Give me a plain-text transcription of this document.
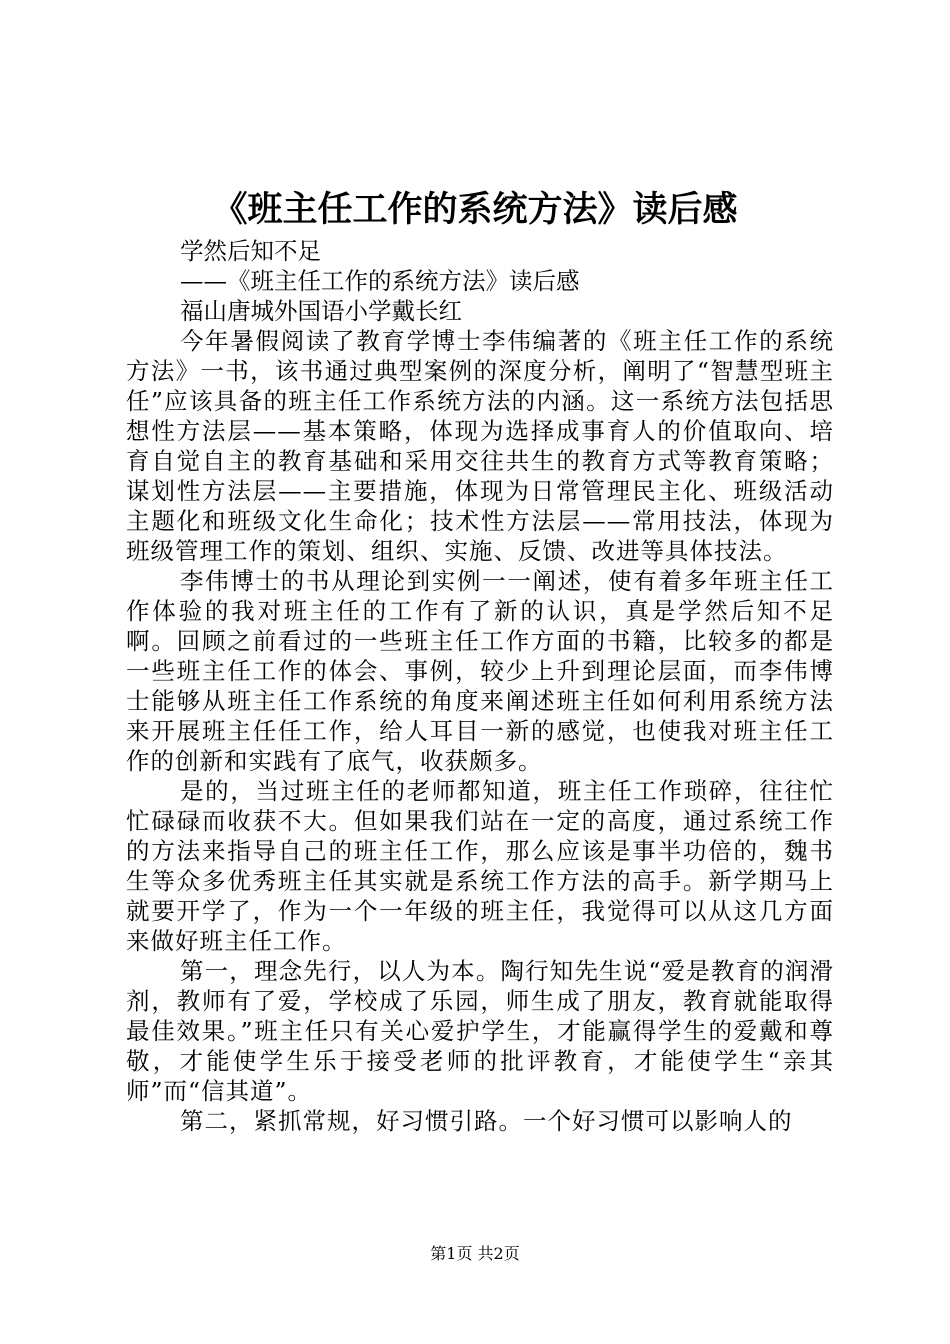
《班主任工作的系统方法》读后感

学然后知不足

——《班主任工作的系统方法》读后感

福山唐城外国语小学戴长红

今年暑假阅读了教育学博士李伟编著的《班主任工作的系统方法》一书，该书通过典型案例的深度分析，阐明了“智慧型班主任”应该具备的班主任工作系统方法的内涵。这一系统方法包括思想性方法层——基本策略，体现为选择成事育人的价值取向、培育自觉自主的教育基础和采用交往共生的教育方式等教育策略；谋划性方法层——主要措施，体现为日常管理民主化、班级活动主题化和班级文化生命化；技术性方法层——常用技法，体现为班级管理工作的策划、组织、实施、反馈、改进等具体技法。

李伟博士的书从理论到实例一一阐述，使有着多年班主任工作体验的我对班主任的工作有了新的认识，真是学然后知不足啊。回顾之前看过的一些班主任工作方面的书籍，比较多的都是一些班主任工作的体会、事例，较少上升到理论层面，而李伟博士能够从班主任工作系统的角度来阐述班主任如何利用系统方法来开展班主任任工作，给人耳目一新的感觉，也使我对班主任工作的创新和实践有了底气，收获颇多。

是的，当过班主任的老师都知道，班主任工作琐碎，往往忙忙碌碌而收获不大。但如果我们站在一定的高度，通过系统工作的方法来指导自己的班主任工作，那么应该是事半功倍的，魏书生等众多优秀班主任其实就是系统工作方法的高手。新学期马上就要开学了，作为一个一年级的班主任，我觉得可以从这几方面来做好班主任工作。

第一，理念先行，以人为本。陶行知先生说“爱是教育的润滑剂，教师有了爱，学校成了乐园，师生成了朋友，教育就能取得最佳效果。”班主任只有关心爱护学生，才能赢得学生的爱戴和尊敬，才能使学生乐于接受老师的批评教育，才能使学生“亲其师”而“信其道”。

第二，紧抓常规，好习惯引路。一个好习惯可以影响人的

第1页 共2页
